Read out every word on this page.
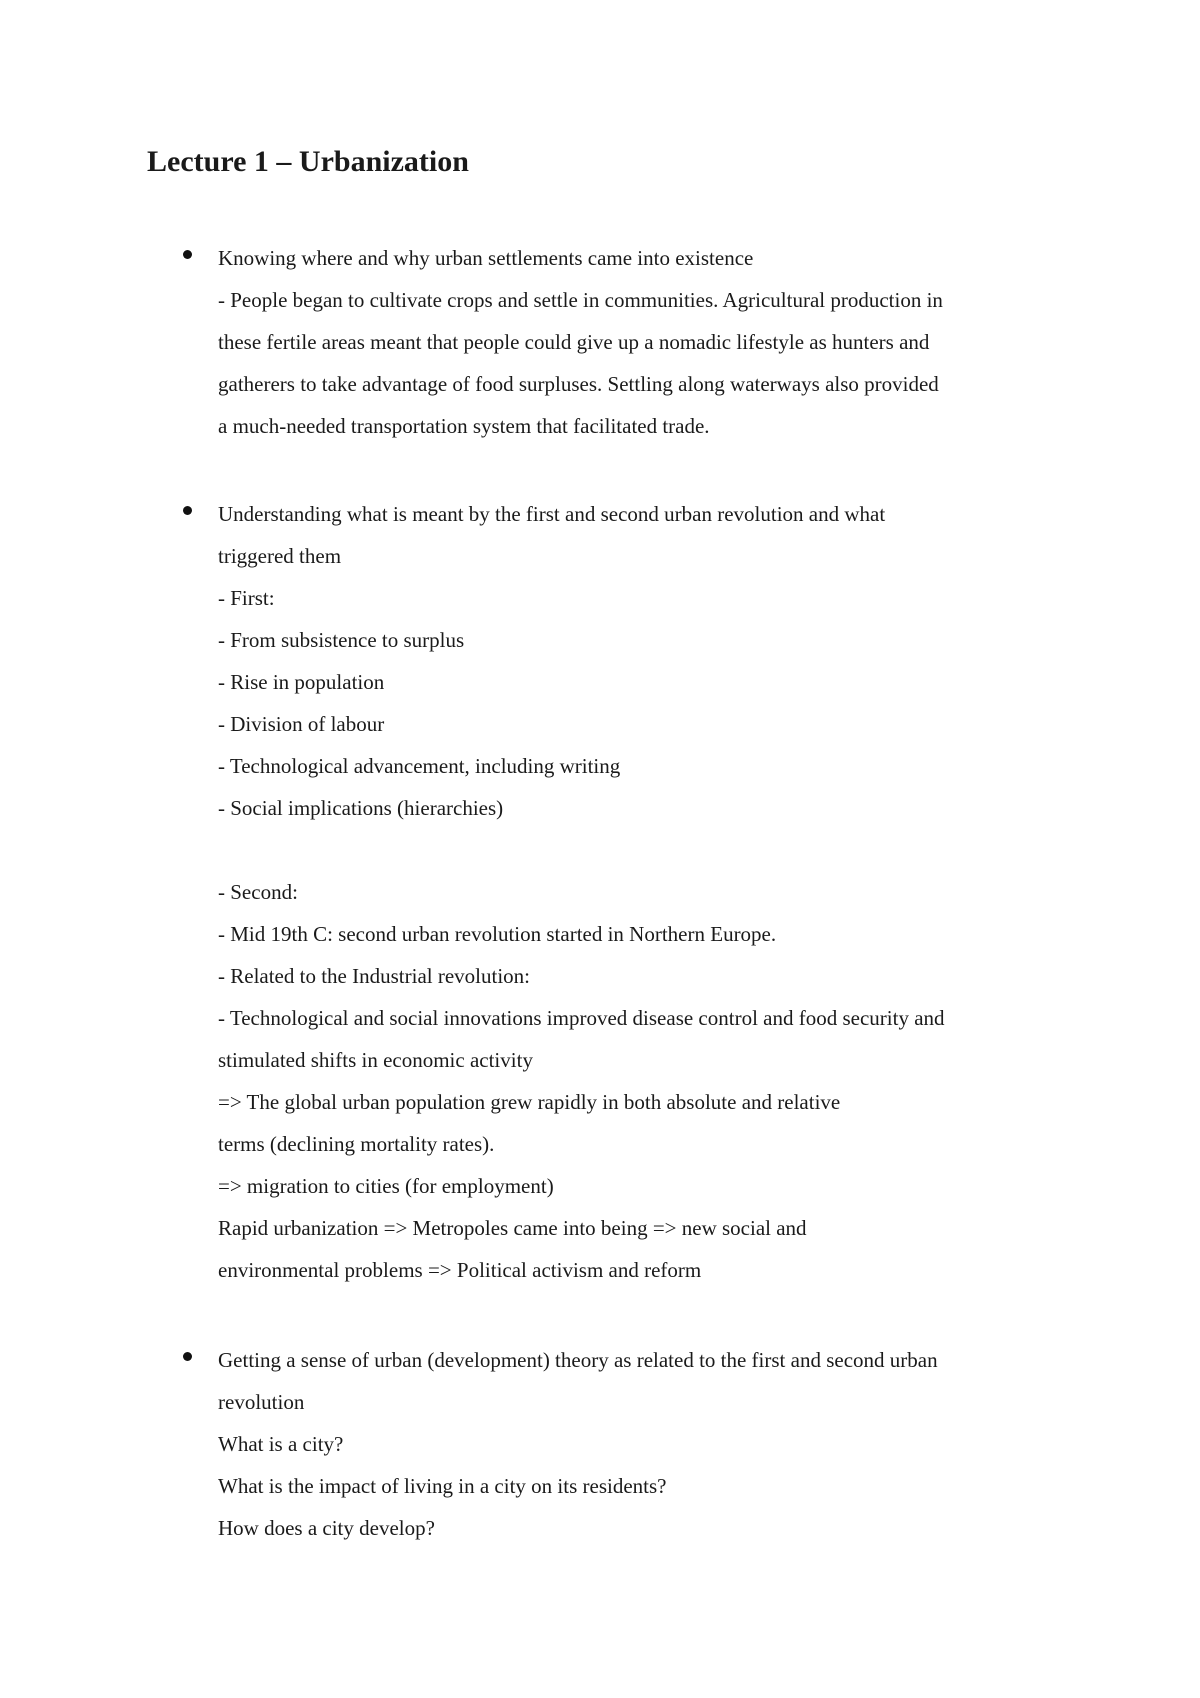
Lecture 1 – Urbanization
Knowing where and why urban settlements came into existence
- People began to cultivate crops and settle in communities. Agricultural production in
these fertile areas meant that people could give up a nomadic lifestyle as hunters and
gatherers to take advantage of food surpluses. Settling along waterways also provided
a much-needed transportation system that facilitated trade.
Understanding what is meant by the first and second urban revolution and what
triggered them
- First:
- From subsistence to surplus
- Rise in population
- Division of labour
- Technological advancement, including writing
- Social implications (hierarchies)
- Second:
- Mid 19th C: second urban revolution started in Northern Europe.
- Related to the Industrial revolution:
- Technological and social innovations improved disease control and food security and
stimulated shifts in economic activity
=> The global urban population grew rapidly in both absolute and relative
terms (declining mortality rates).
=> migration to cities (for employment)
Rapid urbanization => Metropoles came into being => new social and
environmental problems => Political activism and reform
Getting a sense of urban (development) theory as related to the first and second urban
revolution
What is a city?
What is the impact of living in a city on its residents?
How does a city develop?
